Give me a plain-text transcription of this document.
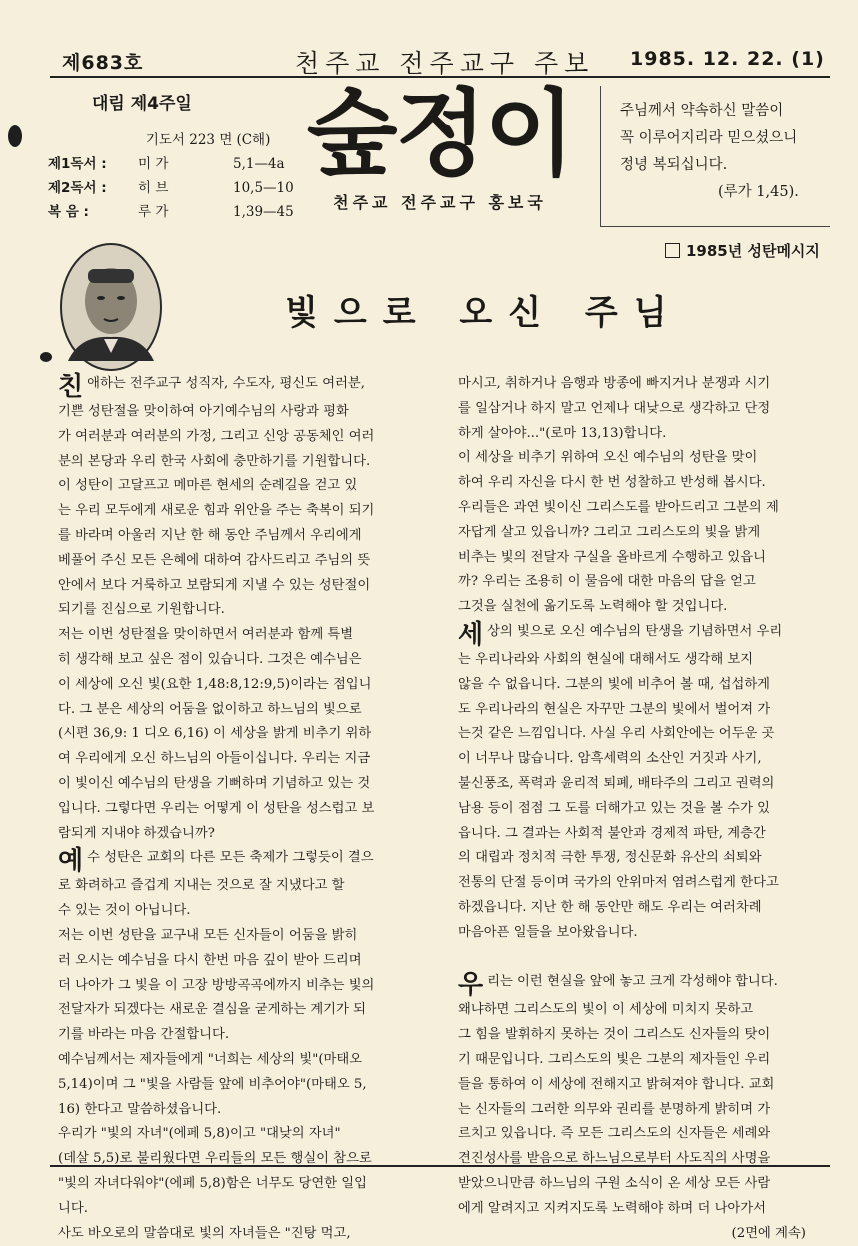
제683호	천주교 전주교구 주보 1985. 12. 22. (1)
대림 제4주일
기도서 223 면 (C해)
제1독서 :	미 가	5,1—4a
제2독서 :	히 브	10,5—10
복 음 :	루 가	1,39—45
숲정이
천주교 전주교구 홍보국
주님께서 약속하신 말씀이
꼭 이루어지리라 믿으셨으니
정녕 복되십니다.
(루가 1,45).
1985년 성탄메시지
빛으로 오신 주님
친애하는 전주교구 성직자, 수도자, 평신도 여러분,
기쁜 성탄절을 맞이하여 아기예수님의 사랑과 평화
가 여러분과 여러분의 가정, 그리고 신앙 공동체인 여러
분의 본당과 우리 한국 사회에 충만하기를 기원합니다.
이 성탄이 고달프고 메마른 현세의 순례길을 걷고 있
는 우리 모두에게 새로운 힘과 위안을 주는 축복이 되기
를 바라며 아울러 지난 한 해 동안 주님께서 우리에게
베풀어 주신 모든 은혜에 대하여 감사드리고 주님의 뜻
안에서 보다 거룩하고 보람되게 지낼 수 있는 성탄절이
되기를 진심으로 기원합니다.
저는 이번 성탄절을 맞이하면서 여러분과 함께 특별
히 생각해 보고 싶은 점이 있습니다. 그것은 예수님은
이 세상에 오신 빛(요한 1,48:8,12:9,5)이라는 점입니
다. 그 분은 세상의 어둠을 없이하고 하느님의 빛으로
(시편 36,9: 1 디오 6,16) 이 세상을 밝게 비추기 위하
여 우리에게 오신 하느님의 아들이십니다. 우리는 지금
이 빛이신 예수님의 탄생을 기뻐하며 기념하고 있는 것
입니다. 그렇다면 우리는 어떻게 이 성탄을 성스럽고 보
람되게 지내야 하겠습니까?
예수 성탄은 교회의 다른 모든 축제가 그렇듯이 결으
로 화려하고 즐겁게 지내는 것으로 잘 지냈다고 할
수 있는 것이 아닙니다.
저는 이번 성탄을 교구내 모든 신자들이 어둠을 밝히
러 오시는 예수님을 다시 한번 마음 깊이 받아 드리며
더 나아가 그 빛을 이 고장 방방곡곡에까지 비추는 빛의
전달자가 되겠다는 새로운 결심을 굳게하는 계기가 되
기를 바라는 마음 간절합니다.
예수님께서는 제자들에게 "너희는 세상의 빛"(마태오
5,14)이며 그 "빛을 사람들 앞에 비추어야"(마태오 5,
16) 한다고 말씀하셨읍니다.
우리가 "빛의 자녀"(에페 5,8)이고 "대낮의 자녀"
(데살 5,5)로 불리웠다면 우리들의 모든 행실이 참으로
"빛의 자녀다워야"(에페 5,8)함은 너무도 당연한 일입
니다.
사도 바오로의 말씀대로 빛의 자녀들은 "진탕 먹고,
마시고, 취하거나 음행과 방종에 빠지거나 분쟁과 시기
를 일삼거나 하지 말고 언제나 대낮으로 생각하고 단정
하게 살아야..."(로마 13,13)합니다.
이 세상을 비추기 위하여 오신 예수님의 성탄을 맞이
하여 우리 자신을 다시 한 번 성찰하고 반성해 봅시다.
우리들은 과연 빛이신 그리스도를 받아드리고 그분의 제
자답게 살고 있읍니까? 그리고 그리스도의 빛을 밝게
비추는 빛의 전달자 구실을 올바르게 수행하고 있읍니
까? 우리는 조용히 이 물음에 대한 마음의 답을 얻고
그것을 실천에 옮기도록 노력해야 할 것입니다.
세상의 빛으로 오신 예수님의 탄생을 기념하면서 우리
는 우리나라와 사회의 현실에 대해서도 생각해 보지
않을 수 없읍니다. 그분의 빛에 비추어 볼 때, 섭섭하게
도 우리나라의 현실은 자꾸만 그분의 빛에서 벌어져 가
는것 같은 느낌입니다. 사실 우리 사회안에는 어두운 곳
이 너무나 많습니다. 암흑세력의 소산인 거짓과 사기,
불신풍조, 폭력과 윤리적 퇴폐, 배타주의 그리고 권력의
남용 등이 점점 그 도를 더해가고 있는 것을 볼 수가 있
읍니다. 그 결과는 사회적 불안과 경제적 파탄, 계층간
의 대립과 정치적 극한 투쟁, 정신문화 유산의 쇠퇴와
전통의 단절 등이며 국가의 안위마저 염려스럽게 한다고
하겠읍니다. 지난 한 해 동안만 해도 우리는 여러차례
마음아픈 일들을 보아왔읍니다.

우리는 이런 현실을 앞에 놓고 크게 각성해야 합니다.
왜냐하면 그리스도의 빛이 이 세상에 미치지 못하고
그 힘을 발휘하지 못하는 것이 그리스도 신자들의 탓이
기 때문입니다. 그리스도의 빛은 그분의 제자들인 우리
들을 통하여 이 세상에 전해지고 밝혀져야 합니다. 교회
는 신자들의 그러한 의무와 권리를 분명하게 밝히며 가
르치고 있읍니다. 즉 모든 그리스도의 신자들은 세례와
견진성사를 받음으로 하느님으로부터 사도직의 사명을
받았으니만큼 하느님의 구원 소식이 온 세상 모든 사람
에게 알려지고 지켜지도록 노력해야 하며 더 나아가서
(2면에 계속)
